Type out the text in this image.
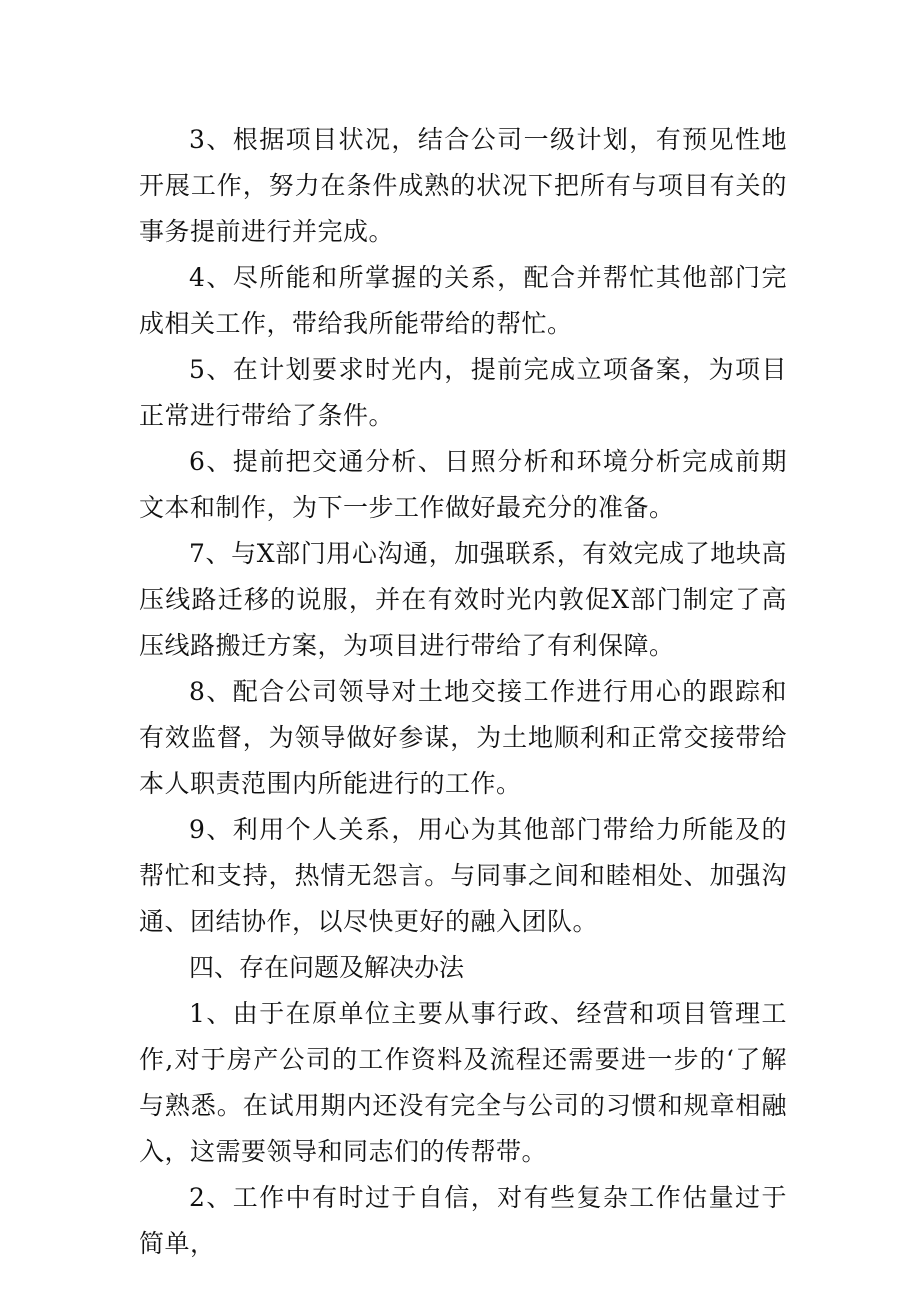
3、根据项目状况，结合公司一级计划，有预见性地开展工作，努力在条件成熟的状况下把所有与项目有关的事务提前进行并完成。

4、尽所能和所掌握的关系，配合并帮忙其他部门完成相关工作，带给我所能带给的帮忙。

5、在计划要求时光内，提前完成立项备案，为项目正常进行带给了条件。

6、提前把交通分析、日照分析和环境分析完成前期文本和制作，为下一步工作做好最充分的准备。

7、与X部门用心沟通，加强联系，有效完成了地块高压线路迁移的说服，并在有效时光内敦促X部门制定了高压线路搬迁方案，为项目进行带给了有利保障。

8、配合公司领导对土地交接工作进行用心的跟踪和有效监督，为领导做好参谋，为土地顺利和正常交接带给本人职责范围内所能进行的工作。

9、利用个人关系，用心为其他部门带给力所能及的帮忙和支持，热情无怨言。与同事之间和睦相处、加强沟通、团结协作，以尽快更好的融入团队。

四、存在问题及解决办法

1、由于在原单位主要从事行政、经营和项目管理工作,对于房产公司的工作资料及流程还需要进一步的‘了解与熟悉。在试用期内还没有完全与公司的习惯和规章相融入，这需要领导和同志们的传帮带。

2、工作中有时过于自信，对有些复杂工作估量过于简单，
